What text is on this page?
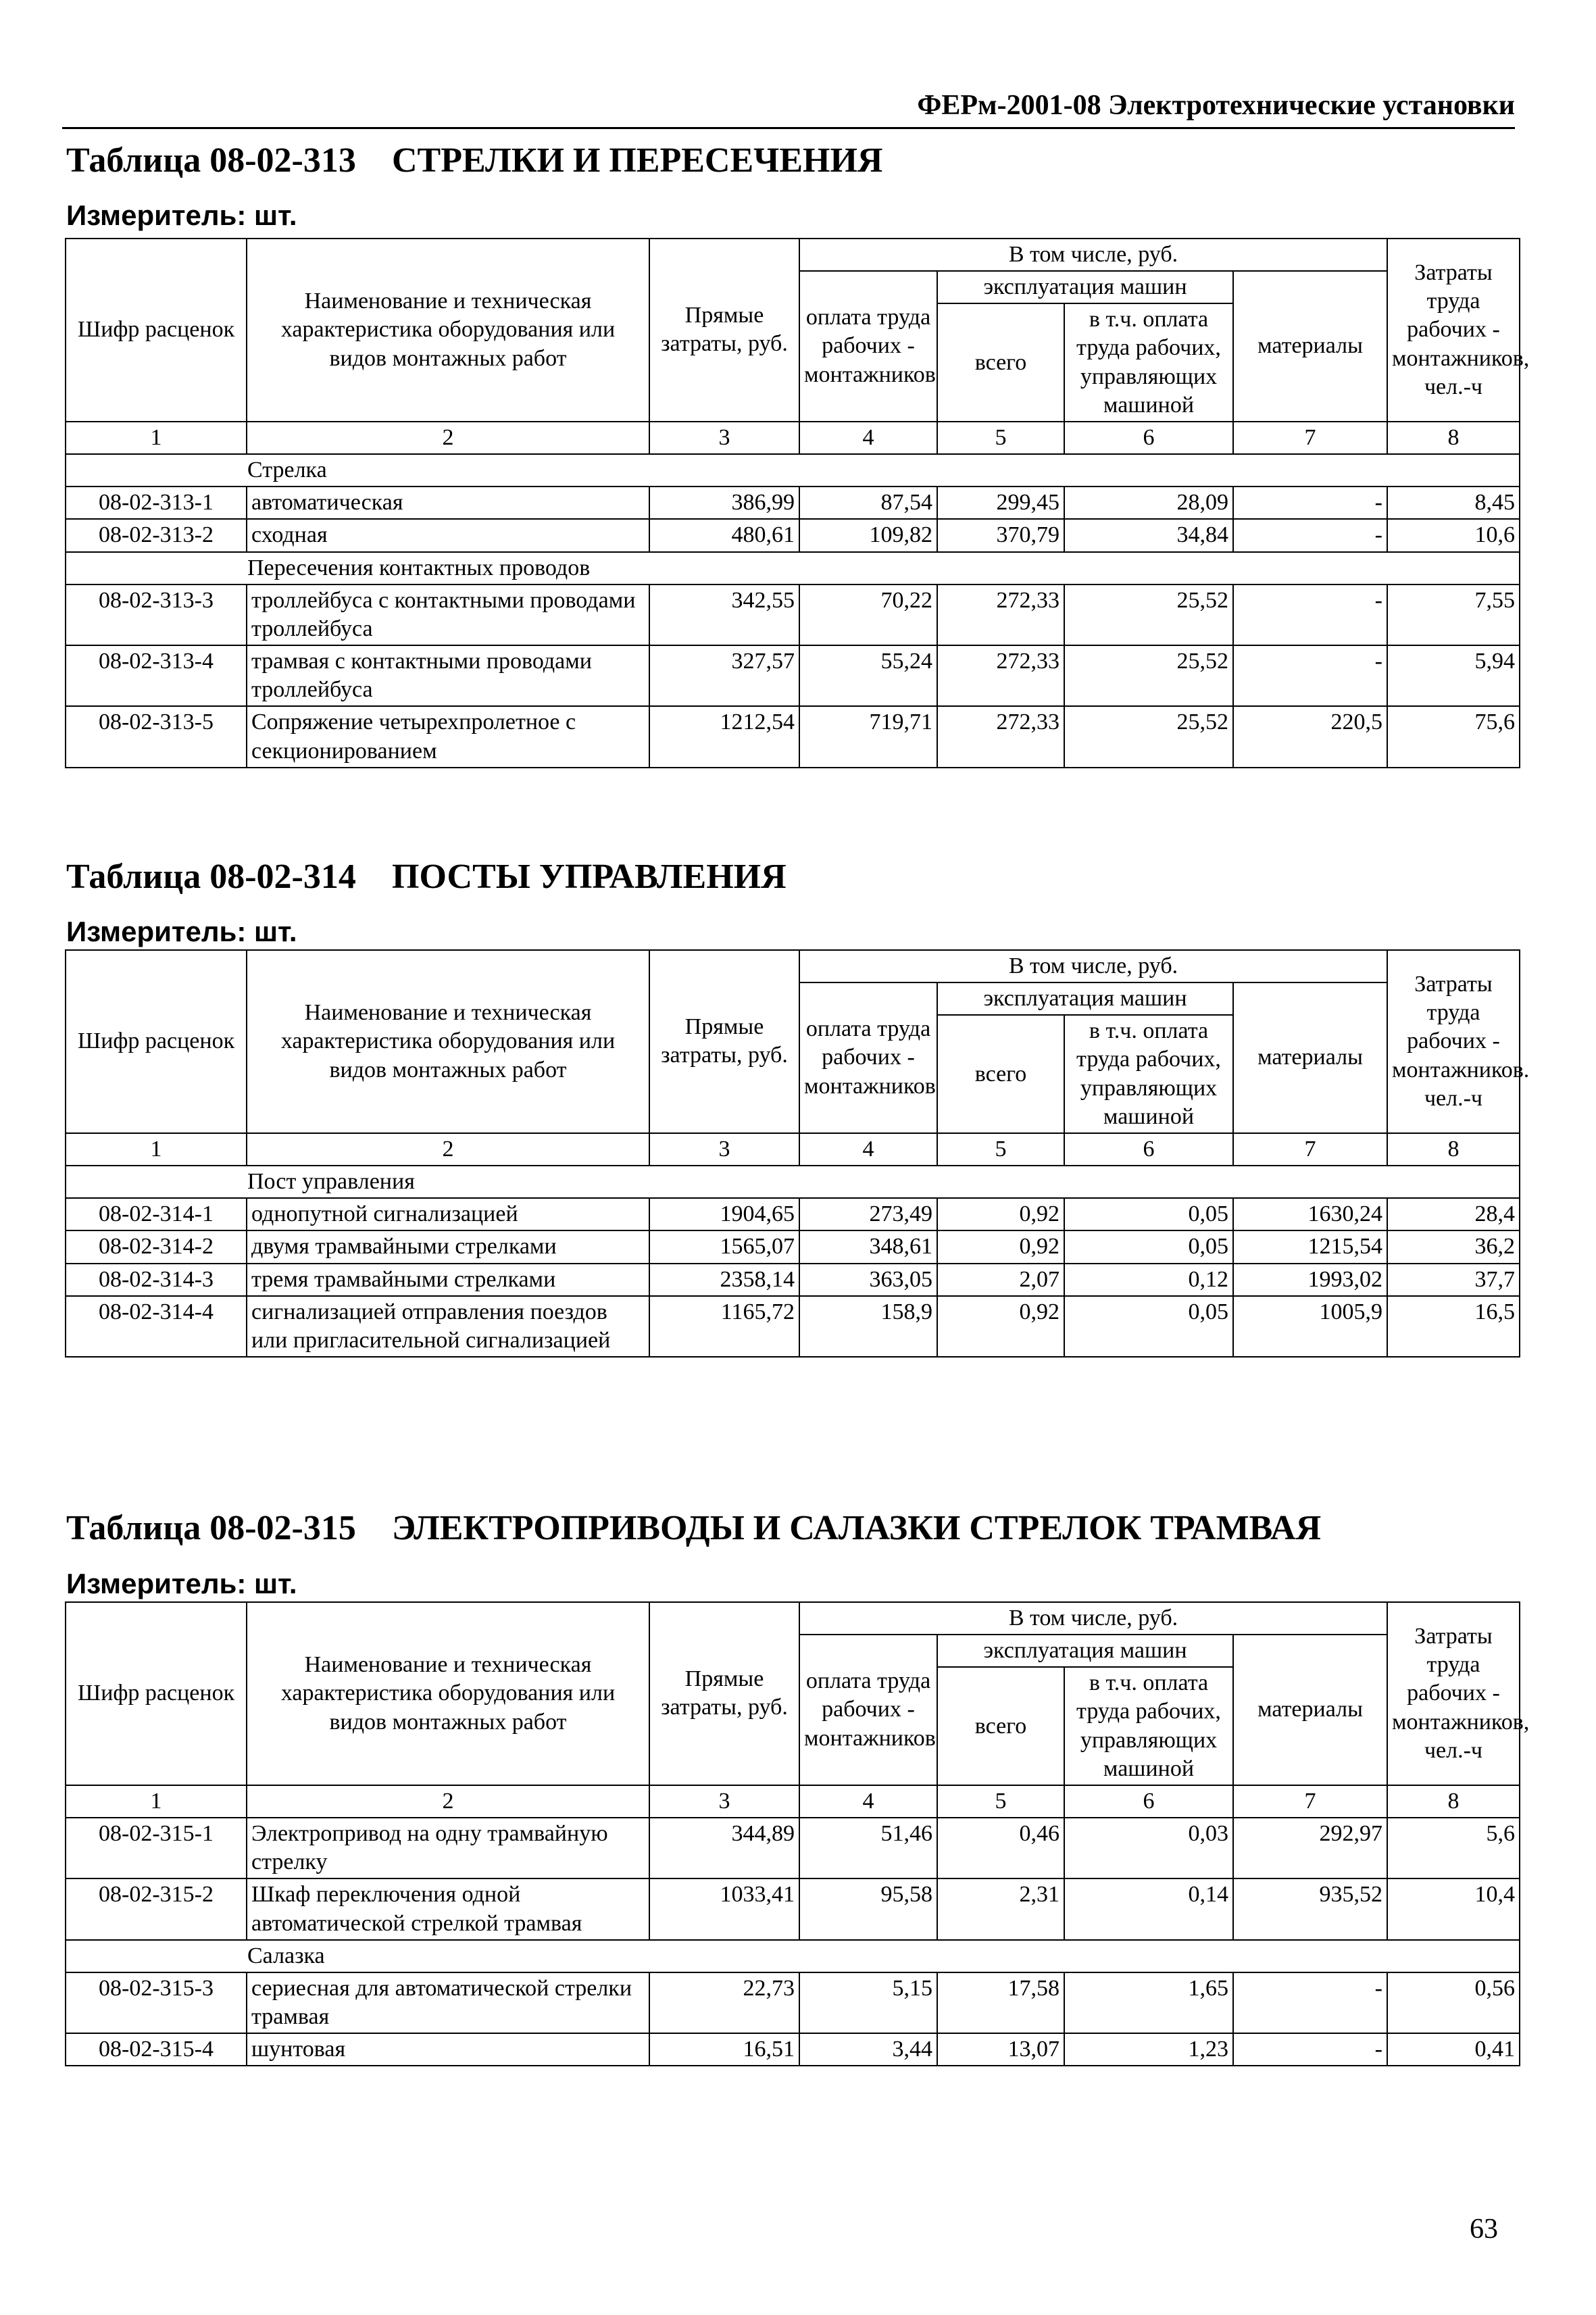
ФЕРм-2001-08 Электротехнические установки
Таблица 08-02-313 СТРЕЛКИ И ПЕРЕСЕЧЕНИЯ
Измеритель: шт.
Шифр расценок	Наименование и техническая характеристика оборудования или видов монтажных работ	Прямые затраты, руб.	В том числе, руб.				Затраты труда рабочих - монтажников, чел.-ч
			оплата труда рабочих - монтажников	эксплуатация машин		материалы	
				всего	в т.ч. оплата труда рабочих, управляющих машиной		
1	2	3	4	5	6	7	8
Стрелка							
08-02-313-1	автоматическая	386,99	87,54	299,45	28,09	-	8,45
08-02-313-2	сходная	480,61	109,82	370,79	34,84	-	10,6
Пересечения контактных проводов							
08-02-313-3	троллейбуса с контактными проводами троллейбуса	342,55	70,22	272,33	25,52	-	7,55
08-02-313-4	трамвая с контактными проводами троллейбуса	327,57	55,24	272,33	25,52	-	5,94
08-02-313-5	Сопряжение четырехпролетное с секционированием	1212,54	719,71	272,33	25,52	220,5	75,6
Таблица 08-02-314 ПОСТЫ УПРАВЛЕНИЯ
Измеритель: шт.
Шифр расценок	Наименование и техническая характеристика оборудования или видов монтажных работ	Прямые затраты, руб.	В том числе, руб.				Затраты труда рабочих - монтажников. чел.-ч
			оплата труда рабочих - монтажников	эксплуатация машин		материалы	
				всего	в т.ч. оплата труда рабочих, управляющих машиной		
1	2	3	4	5	6	7	8
Пост управления							
08-02-314-1	однопутной сигнализацией	1904,65	273,49	0,92	0,05	1630,24	28,4
08-02-314-2	двумя трамвайными стрелками	1565,07	348,61	0,92	0,05	1215,54	36,2
08-02-314-3	тремя трамвайными стрелками	2358,14	363,05	2,07	0,12	1993,02	37,7
08-02-314-4	сигнализацией отправления поездов или пригласительной сигнализацией	1165,72	158,9	0,92	0,05	1005,9	16,5
Таблица 08-02-315 ЭЛЕКТРОПРИВОДЫ И САЛАЗКИ СТРЕЛОК ТРАМВАЯ
Измеритель: шт.
Шифр расценок	Наименование и техническая характеристика оборудования или видов монтажных работ	Прямые затраты, руб.	В том числе, руб.				Затраты труда рабочих - монтажников, чел.-ч
			оплата труда рабочих - монтажников	эксплуатация машин		материалы	
				всего	в т.ч. оплата труда рабочих, управляющих машиной		
1	2	3	4	5	6	7	8
08-02-315-1	Электропривод на одну трамвайную стрелку	344,89	51,46	0,46	0,03	292,97	5,6
08-02-315-2	Шкаф переключения одной автоматической стрелкой трамвая	1033,41	95,58	2,31	0,14	935,52	10,4
Салазка							
08-02-315-3	сериесная для автоматической стрелки трамвая	22,73	5,15	17,58	1,65	-	0,56
08-02-315-4	шунтовая	16,51	3,44	13,07	1,23	-	0,41
63
